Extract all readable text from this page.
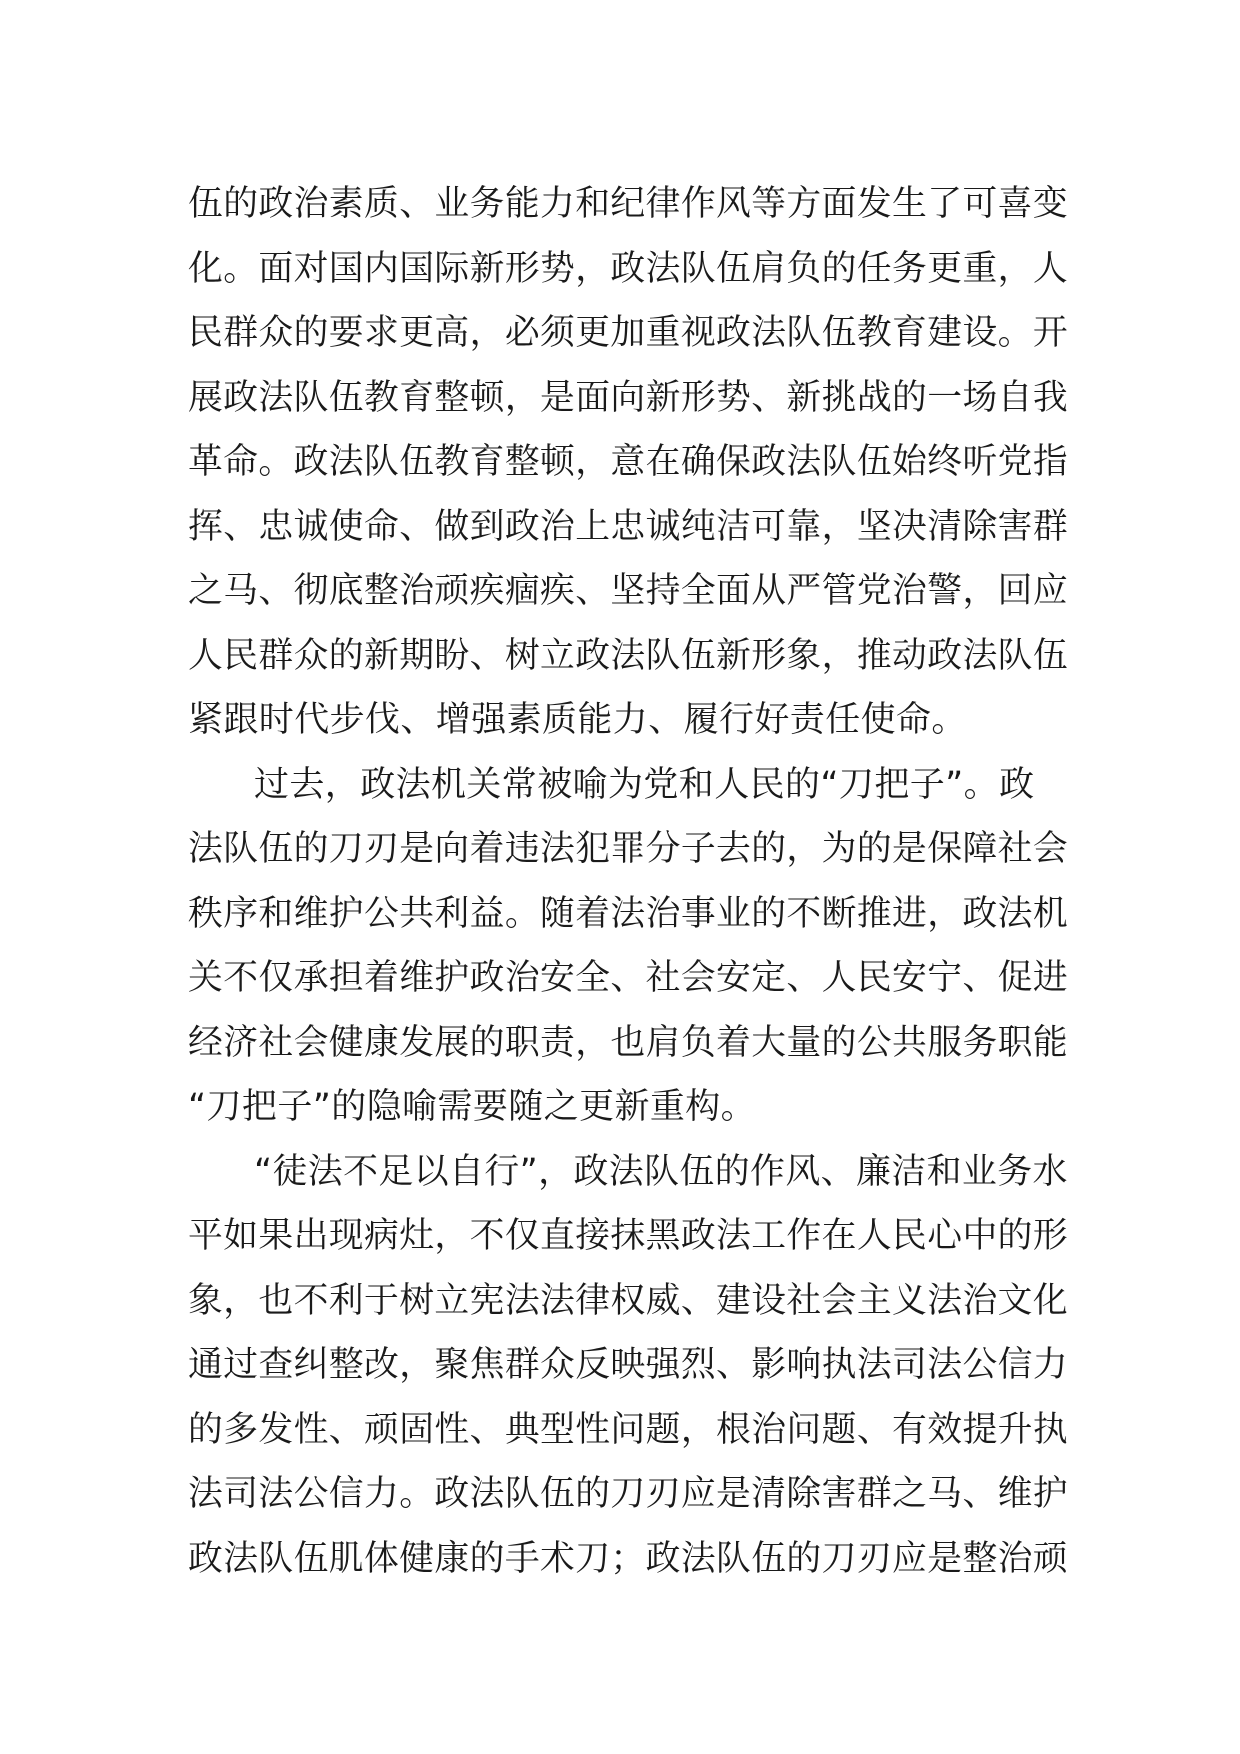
伍的政治素质、业务能力和纪律作风等方面发生了可喜变
化。面对国内国际新形势，政法队伍肩负的任务更重，人
民群众的要求更高，必须更加重视政法队伍教育建设。开
展政法队伍教育整顿，是面向新形势、新挑战的一场自我
革命。政法队伍教育整顿，意在确保政法队伍始终听党指
挥、忠诚使命、做到政治上忠诚纯洁可靠，坚决清除害群
之马、彻底整治顽疾痼疾、坚持全面从严管党治警，回应
人民群众的新期盼、树立政法队伍新形象，推动政法队伍
紧跟时代步伐、增强素质能力、履行好责任使命。
过去，政法机关常被喻为党和人民的“刀把子”。政
法队伍的刀刃是向着违法犯罪分子去的，为的是保障社会
秩序和维护公共利益。随着法治事业的不断推进，政法机
关不仅承担着维护政治安全、社会安定、人民安宁、促进
经济社会健康发展的职责，也肩负着大量的公共服务职能
“刀把子”的隐喻需要随之更新重构。
“徒法不足以自行”，政法队伍的作风、廉洁和业务水
平如果出现病灶，不仅直接抹黑政法工作在人民心中的形
象，也不利于树立宪法法律权威、建设社会主义法治文化
通过查纠整改，聚焦群众反映强烈、影响执法司法公信力
的多发性、顽固性、典型性问题，根治问题、有效提升执
法司法公信力。政法队伍的刀刃应是清除害群之马、维护
政法队伍肌体健康的手术刀；政法队伍的刀刃应是整治顽
